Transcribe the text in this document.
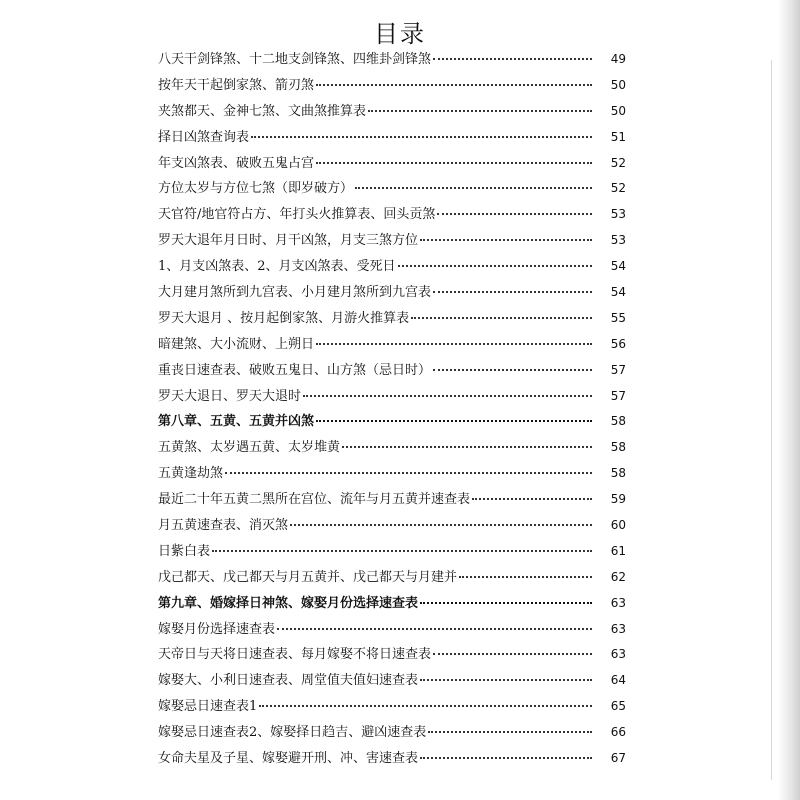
目录
八天干剑锋煞、十二地支剑锋煞、四维卦剑锋煞	49
按年天干起倒家煞、箭刃煞	50
夹煞都天、金神七煞、文曲煞推算表	50
择日凶煞查询表	51
年支凶煞表、破败五鬼占宫	52
方位太岁与方位七煞（即岁破方）	52
天官符/地官符占方、年打头火推算表、回头贡煞	53
罗天大退年月日时、月干凶煞，月支三煞方位	53
1、月支凶煞表、2、月支凶煞表、受死日	54
大月建月煞所到九宫表、小月建月煞所到九宫表	54
罗天大退月 、按月起倒家煞、月游火推算表	55
暗建煞、大小流财、上朔日	56
重丧日速查表、破败五鬼日、山方煞（忌日时）	57
罗天大退日、罗天大退时	57
第八章、五黄、五黄并凶煞	58
五黄煞、太岁遇五黄、太岁堆黄	58
五黄逢劫煞	58
最近二十年五黄二黑所在宫位、流年与月五黄并速查表	59
月五黄速查表、消灭煞	60
日紫白表	61
戊己都天、戊己都天与月五黄并、戊己都天与月建并	62
第九章、婚嫁择日神煞、嫁娶月份选择速查表	63
嫁娶月份选择速查表	63
天帝日与天将日速查表、每月嫁娶不将日速查表	63
嫁娶大、小利日速查表、周堂值夫值妇速查表	64
嫁娶忌日速查表1	65
嫁娶忌日速查表2、嫁娶择日趋吉、避凶速查表	66
女命夫星及子星、嫁娶避开刑、冲、害速查表	67
